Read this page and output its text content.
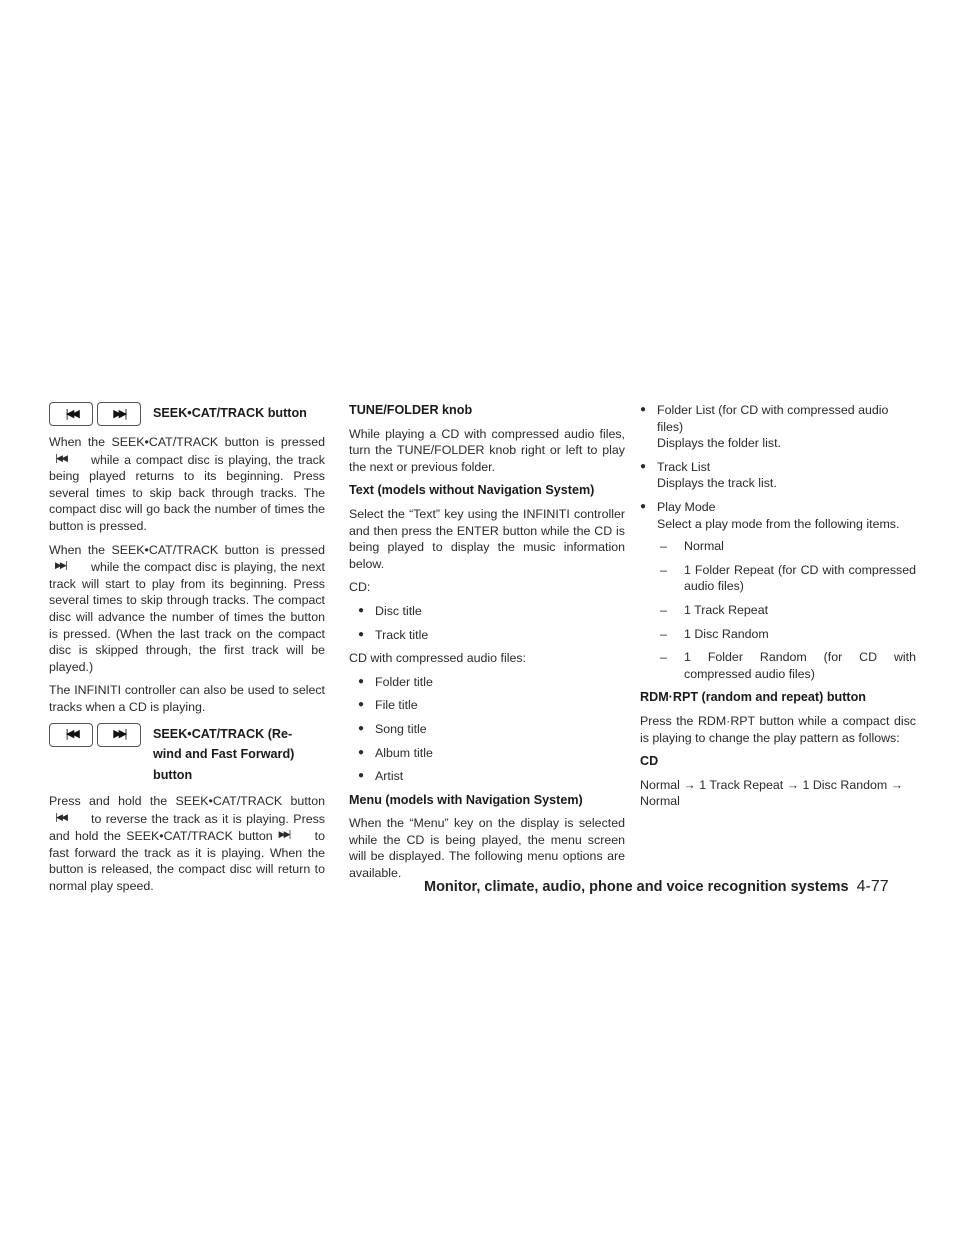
|◀◀	▶▶|	SEEK•CAT/TRACK button

When the SEEK•CAT/TRACK button is pressed|◀◀ while a compact disc is playing, the track being played returns to its beginning. Press several times to skip back through tracks. The compact disc will go back the number of times the button is pressed.

When the SEEK•CAT/TRACK button is pressed▶▶| while the compact disc is playing, the next track will start to play from its beginning. Press several times to skip through tracks. The compact disc will advance the number of times the button is pressed. (When the last track on the compact disc is skipped through, the first track will be played.)

The INFINITI controller can also be used to select tracks when a CD is playing.

|◀◀	▶▶|	SEEK•CAT/TRACK (Re-
wind and Fast Forward)
button

Press and hold the SEEK•CAT/TRACK button|◀◀ to reverse the track as it is playing. Press and hold the SEEK•CAT/TRACK button ▶▶| to fast forward the track as it is playing. When the button is released, the compact disc will return to normal play speed.

TUNE/FOLDER knob

While playing a CD with compressed audio files, turn the TUNE/FOLDER knob right or left to play the next or previous folder.

Text (models without Navigation System)

Select the “Text” key using the INFINITI controller and then press the ENTER button while the CD is being played to display the music information below.

CD:

● Disc title
● Track title

CD with compressed audio files:

● Folder title
● File title
● Song title
● Album title
● Artist
Menu (models with Navigation System)

When the “Menu” key on the display is selected while the CD is being played, the menu screen will be displayed. The following menu options are available.

● Folder List (for CD with compressed audio files)
Displays the folder list.
● Track List
Displays the track list.
● Play Mode
Select a play mode from the following items.
– Normal
– 1 Folder Repeat (for CD with compressed audio files)
– 1 Track Repeat
– 1 Disc Random
– 1 Folder Random (for CD with compressed audio files)
RDM·RPT (random and repeat) button

Press the RDM·RPT button while a compact disc is playing to change the play pattern as follows:

CD

Normal → 1 Track Repeat → 1 Disc Random → Normal

Monitor, climate, audio, phone and voice recognition systems 4-77
